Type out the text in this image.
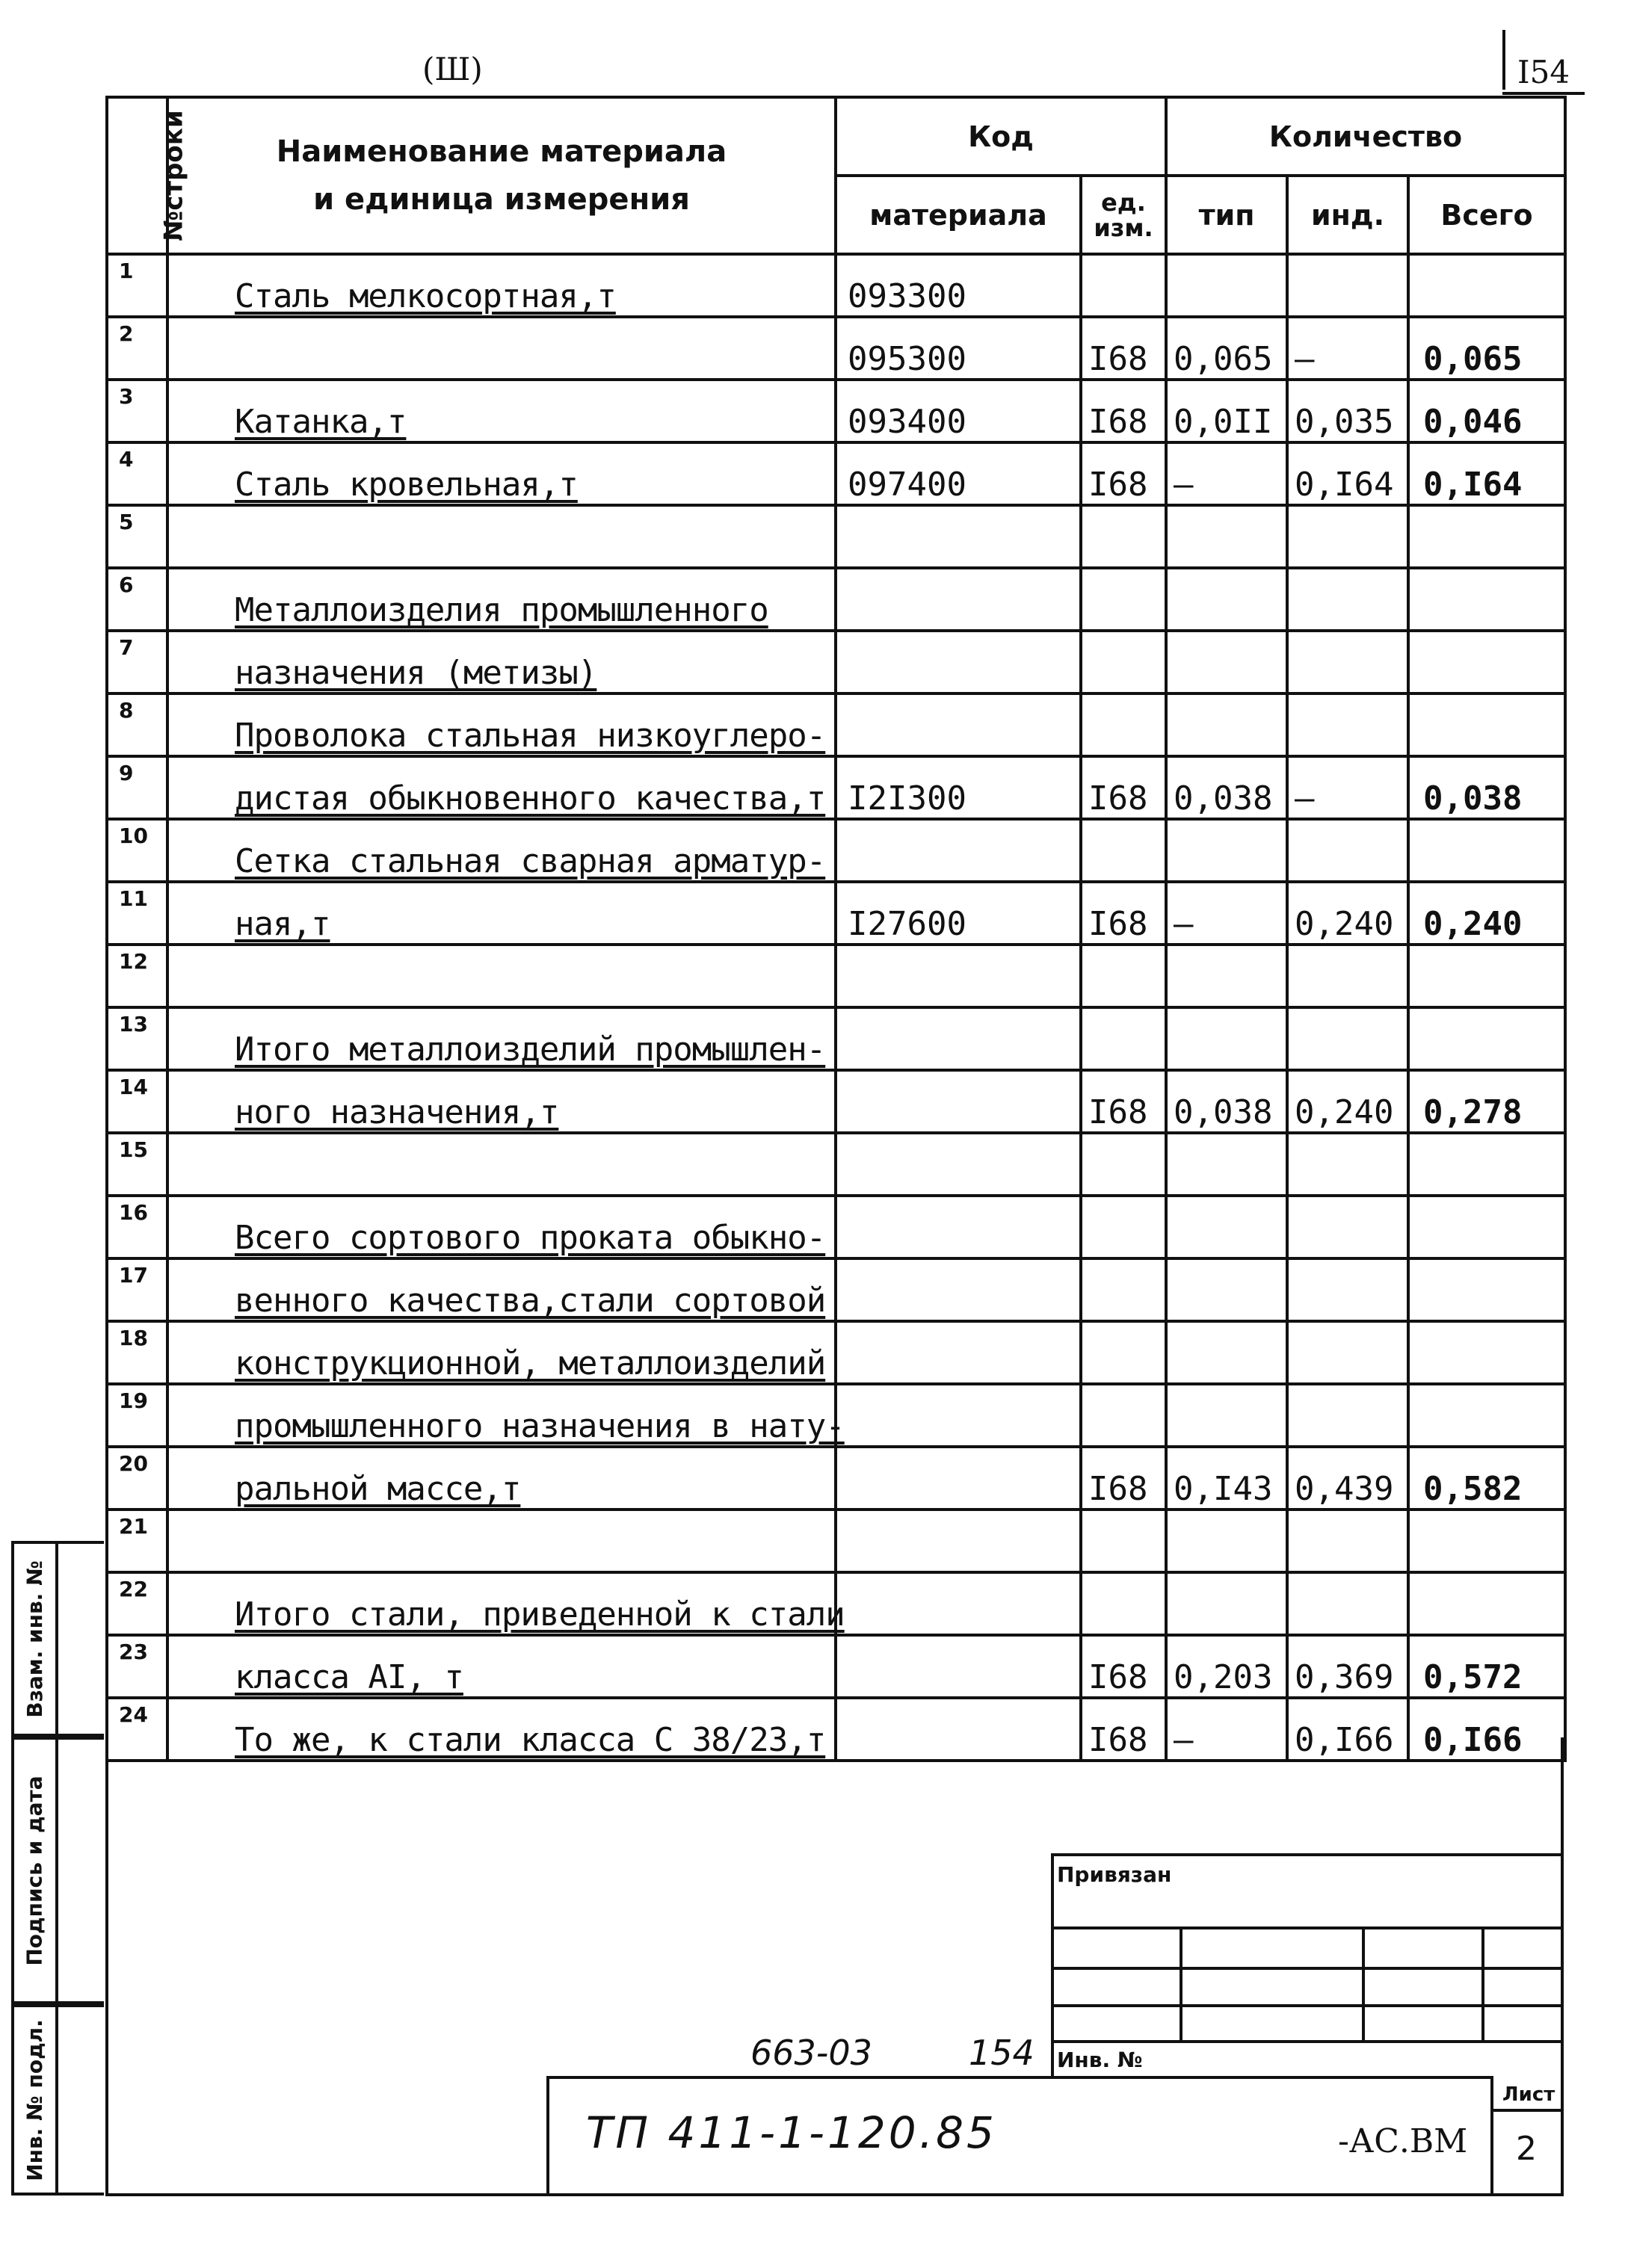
(Ш)	I54
№строки	Наименование материала
и единица измерения	Код		Количество		
		материала	ед. изм.	тип	инд.	Всего
1	Сталь мелкосортная,т	093300				
2		095300	I68	0,065	–	0,065
3	Катанка,т	093400	I68	0,0II	0,035	0,046
4	Сталь кровельная,т	097400	I68	–	0,I64	0,I64
5						
6	Металлоизделия промышленного					
7	назначения (метизы)					
8	Проволока стальная низкоуглеро-					
9	дистая обыкновенного качества,т	I2I300	I68	0,038	–	0,038
10	Сетка стальная сварная арматур-					
11	ная,т	I27600	I68	–	0,240	0,240
12						
13	Итого металлоизделий промышлен-					
14	ного назначения,т		I68	0,038	0,240	0,278
15						
16	Всего сортового проката обыкно-					
17	венного качества,стали сортовой					
18	конструкционной, металлоизделий					
19	промышленного назначения в нату-					
20	ральной массе,т		I68	0,I43	0,439	0,582
21						
22	Итого стали, приведенной к стали					
23	класса АI, т		I68	0,203	0,369	0,572
24	То же, к стали класса С 38/23,т		I68	–	0,I66	0,I66
Взам. инв. №
Подпись и дата
Инв. № подл.
Привязан
Инв. №
Лист
2
663-03	154
ТП 411-1-120.85	-АС.ВМ
